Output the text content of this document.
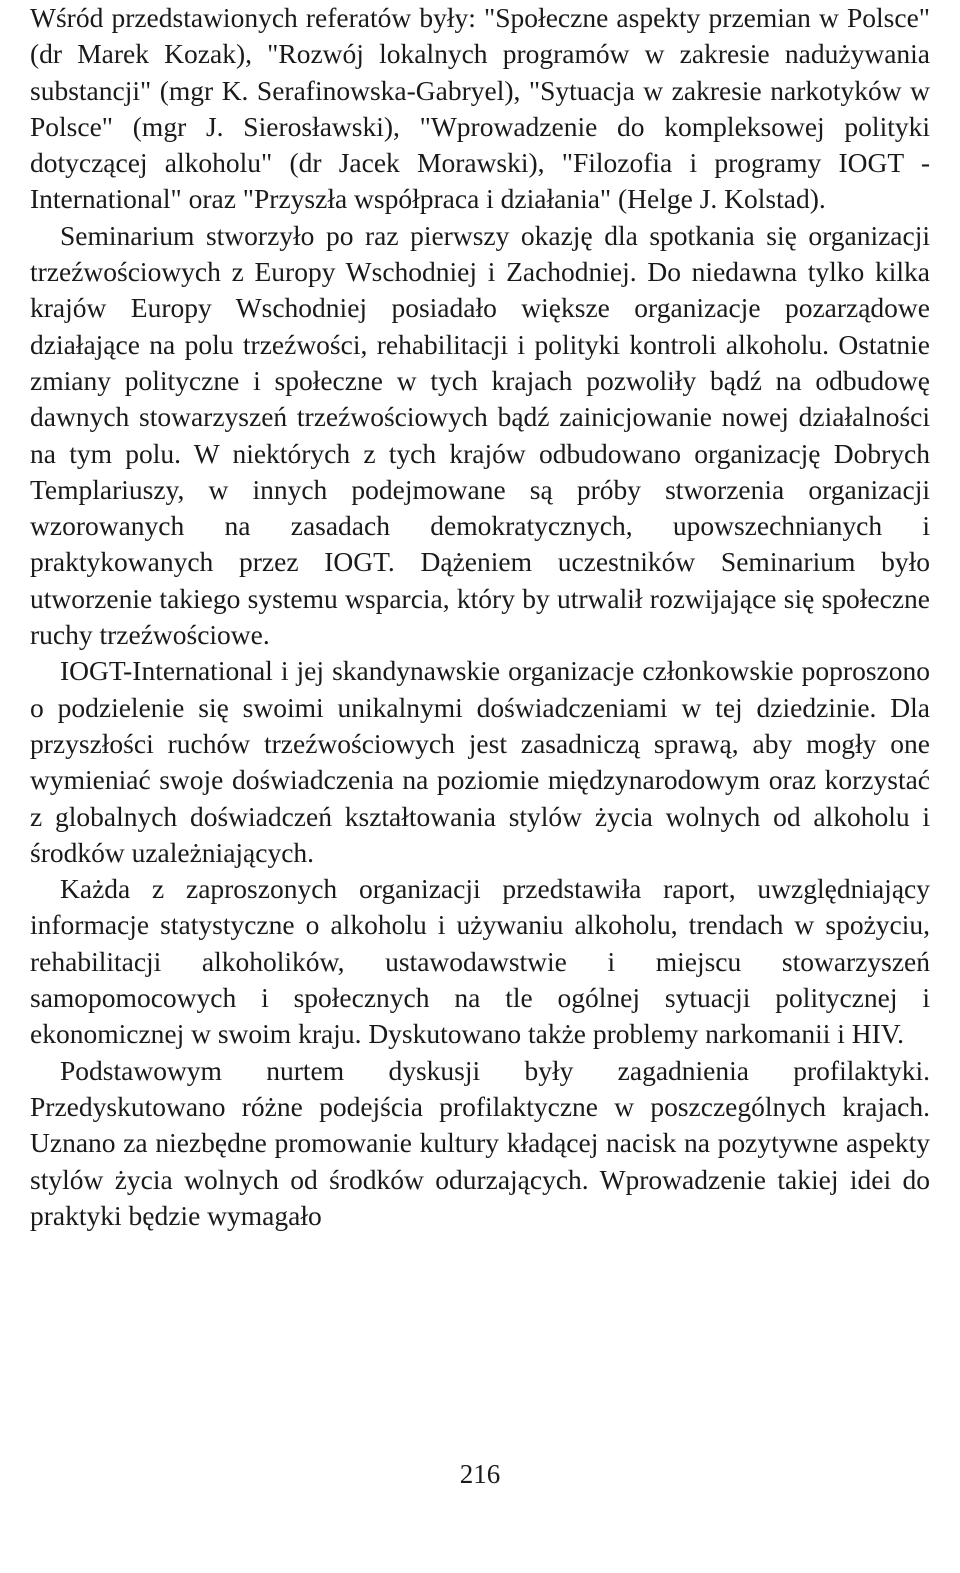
Wśród przedstawionych referatów były: "Społeczne aspekty przemian w Polsce" (dr Marek Kozak), "Rozwój lokalnych programów w zakresie nadużywania substancji" (mgr K. Serafinowska-Gabryel), "Sytuacja w zakresie narkotyków w Polsce" (mgr J. Sierosławski), "Wprowadzenie do kompleksowej polityki dotyczącej alkoholu" (dr Jacek Morawski), "Filozofia i programy IOGT - International" oraz "Przyszła współpraca i działania" (Helge J. Kolstad).

Seminarium stworzyło po raz pierwszy okazję dla spotkania się organizacji trzeźwościowych z Europy Wschodniej i Zachodniej. Do niedawna tylko kilka krajów Europy Wschodniej posiadało większe organizacje pozarządowe działające na polu trzeźwości, rehabilitacji i polityki kontroli alkoholu. Ostatnie zmiany polityczne i społeczne w tych krajach pozwoliły bądź na odbudowę dawnych stowarzyszeń trzeźwościowych bądź zainicjowanie nowej działalności na tym polu. W niektórych z tych krajów odbudowano organizację Dobrych Templariuszy, w innych podejmowane są próby stworzenia organizacji wzorowanych na zasadach demokratycznych, upowszechnianych i praktykowanych przez IOGT. Dążeniem uczestników Seminarium było utworzenie takiego systemu wsparcia, który by utrwalił rozwijające się społeczne ruchy trzeźwościowe.

IOGT-International i jej skandynawskie organizacje członkowskie poproszono o podzielenie się swoimi unikalnymi doświadczeniami w tej dziedzinie. Dla przyszłości ruchów trzeźwościowych jest zasadniczą sprawą, aby mogły one wymieniać swoje doświadczenia na poziomie międzynarodowym oraz korzystać z globalnych doświadczeń kształtowania stylów życia wolnych od alkoholu i środków uzależniających.

Każda z zaproszonych organizacji przedstawiła raport, uwzględniający informacje statystyczne o alkoholu i używaniu alkoholu, trendach w spożyciu, rehabilitacji alkoholików, ustawodawstwie i miejscu stowarzyszeń samopomocowych i społecznych na tle ogólnej sytuacji politycznej i ekonomicznej w swoim kraju. Dyskutowano także problemy narkomanii i HIV.

Podstawowym nurtem dyskusji były zagadnienia profilaktyki. Przedyskutowano różne podejścia profilaktyczne w poszczególnych krajach. Uznano za niezbędne promowanie kultury kładącej nacisk na pozytywne aspekty stylów życia wolnych od środków odurzających. Wprowadzenie takiej idei do praktyki będzie wymagało

216
